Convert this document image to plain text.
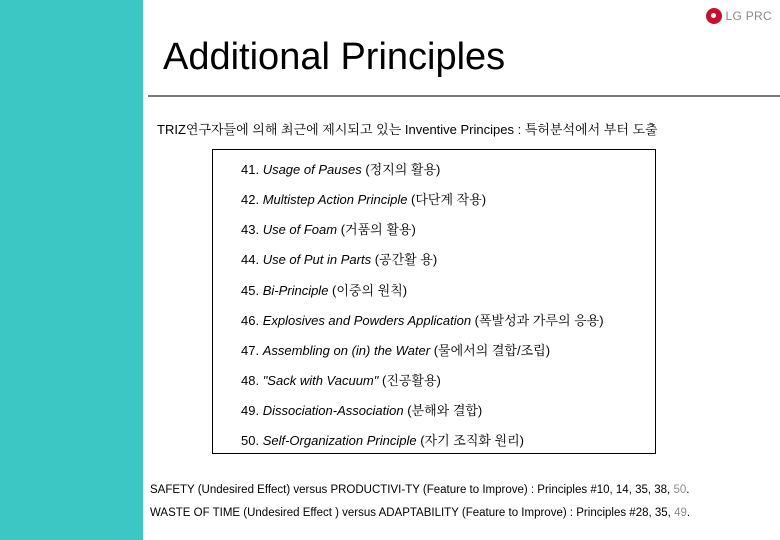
LG PRC
Additional Principles
TRIZ연구자들에 의해 최근에 제시되고 있는 Inventive Principes : 특허분석에서 부터 도출
41. Usage of Pauses (정지의 활용)
42. Multistep Action Principle (다단계 작용)
43. Use of Foam (거품의 활용)
44. Use of Put in Parts (공간활 용)
45. Bi-Principle (이중의 원칙)
46. Explosives and Powders Application (폭발성과 가루의 응용)
47. Assembling on (in) the Water (물에서의 결합/조립)
48. "Sack with Vacuum" (진공활용)
49. Dissociation-Association (분해와 결합)
50. Self-Organization Principle (자기 조직화 원리)
SAFETY (Undesired Effect) versus PRODUCTIVI-TY (Feature to Improve) : Principles #10, 14, 35, 38, 50.
WASTE OF TIME (Undesired Effect ) versus ADAPTABILITY (Feature to Improve) : Principles #28, 35, 49.
